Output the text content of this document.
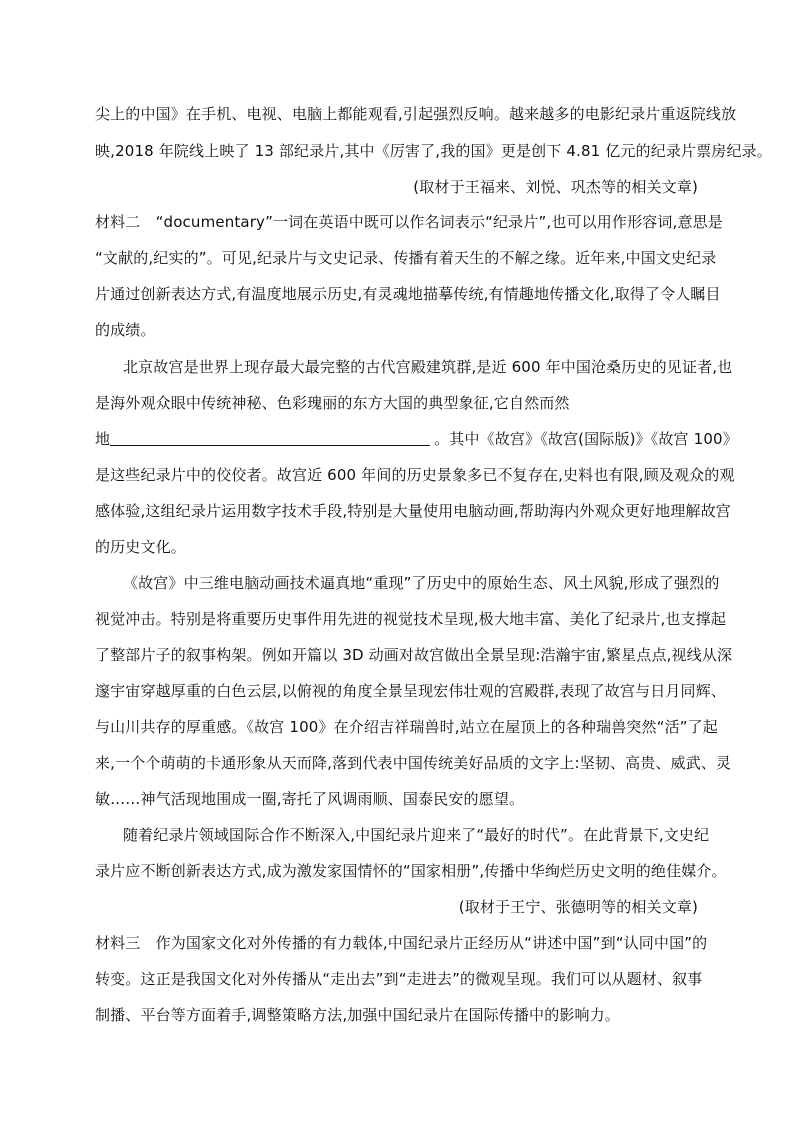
尖上的中国》在手机、电视、电脑上都能观看,引起强烈反响。越来越多的电影纪录片重返院线放
映,2018 年院线上映了 13 部纪录片,其中《厉害了,我的国》更是创下 4.81 亿元的纪录片票房纪录。
(取材于王福来、刘悦、巩杰等的相关文章)
材料二　“documentary”一词在英语中既可以作名词表示“纪录片”,也可以用作形容词,意思是
“文献的,纪实的”。可见,纪录片与文史记录、传播有着天生的不解之缘。近年来,中国文史纪录
片通过创新表达方式,有温度地展示历史,有灵魂地描摹传统,有情趣地传播文化,取得了令人瞩目
的成绩。
北京故宫是世界上现存最大最完整的古代宫殿建筑群,是近 600 年中国沧桑历史的见证者,也
是海外观众眼中传统神秘、色彩瑰丽的东方大国的典型象征,它自然而然
地	。其中《故宫》《故宫(国际版)》《故宫 100》
是这些纪录片中的佼佼者。故宫近 600 年间的历史景象多已不复存在,史料也有限,顾及观众的观
感体验,这组纪录片运用数字技术手段,特别是大量使用电脑动画,帮助海内外观众更好地理解故宫
的历史文化。
《故宫》中三维电脑动画技术逼真地“重现”了历史中的原始生态、风土风貌,形成了强烈的
视觉冲击。特别是将重要历史事件用先进的视觉技术呈现,极大地丰富、美化了纪录片,也支撑起
了整部片子的叙事构架。例如开篇以 3D 动画对故宫做出全景呈现:浩瀚宇宙,繁星点点,视线从深
邃宇宙穿越厚重的白色云层,以俯视的角度全景呈现宏伟壮观的宫殿群,表现了故宫与日月同辉、
与山川共存的厚重感。《故宫 100》在介绍吉祥瑞兽时,站立在屋顶上的各种瑞兽突然“活”了起
来,一个个萌萌的卡通形象从天而降,落到代表中国传统美好品质的文字上:坚韧、高贵、威武、灵
敏……神气活现地围成一圈,寄托了风调雨顺、国泰民安的愿望。
随着纪录片领域国际合作不断深入,中国纪录片迎来了“最好的时代”。在此背景下,文史纪
录片应不断创新表达方式,成为激发家国情怀的“国家相册”,传播中华绚烂历史文明的绝佳媒介。
(取材于王宁、张德明等的相关文章)
材料三　作为国家文化对外传播的有力载体,中国纪录片正经历从“讲述中国”到“认同中国”的
转变。这正是我国文化对外传播从“走出去”到“走进去”的微观呈现。我们可以从题材、叙事
制播、平台等方面着手,调整策略方法,加强中国纪录片在国际传播中的影响力。
